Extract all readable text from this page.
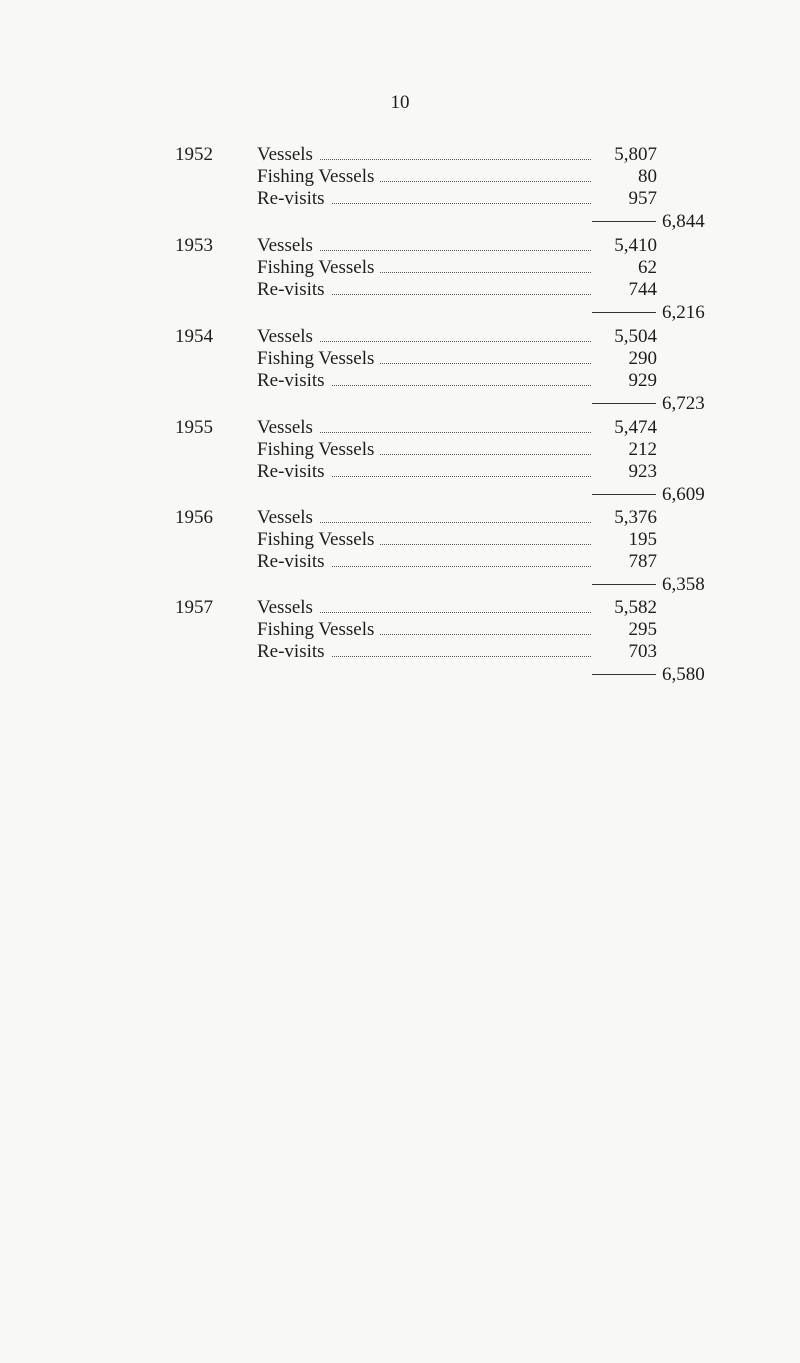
10
1952 Vessels	5,807
Fishing Vessels	80
Re-visits	957
6,844
1953 Vessels	5,410
Fishing Vessels	62
Re-visits	744
6,216
1954 Vessels	5,504
Fishing Vessels	290
Re-visits	929
6,723
1955 Vessels	5,474
Fishing Vessels	212
Re-visits	923
6,609
1956 Vessels	5,376
Fishing Vessels	195
Re-visits	787
6,358
1957 Vessels	5,582
Fishing Vessels	295
Re-visits	703
6,580
